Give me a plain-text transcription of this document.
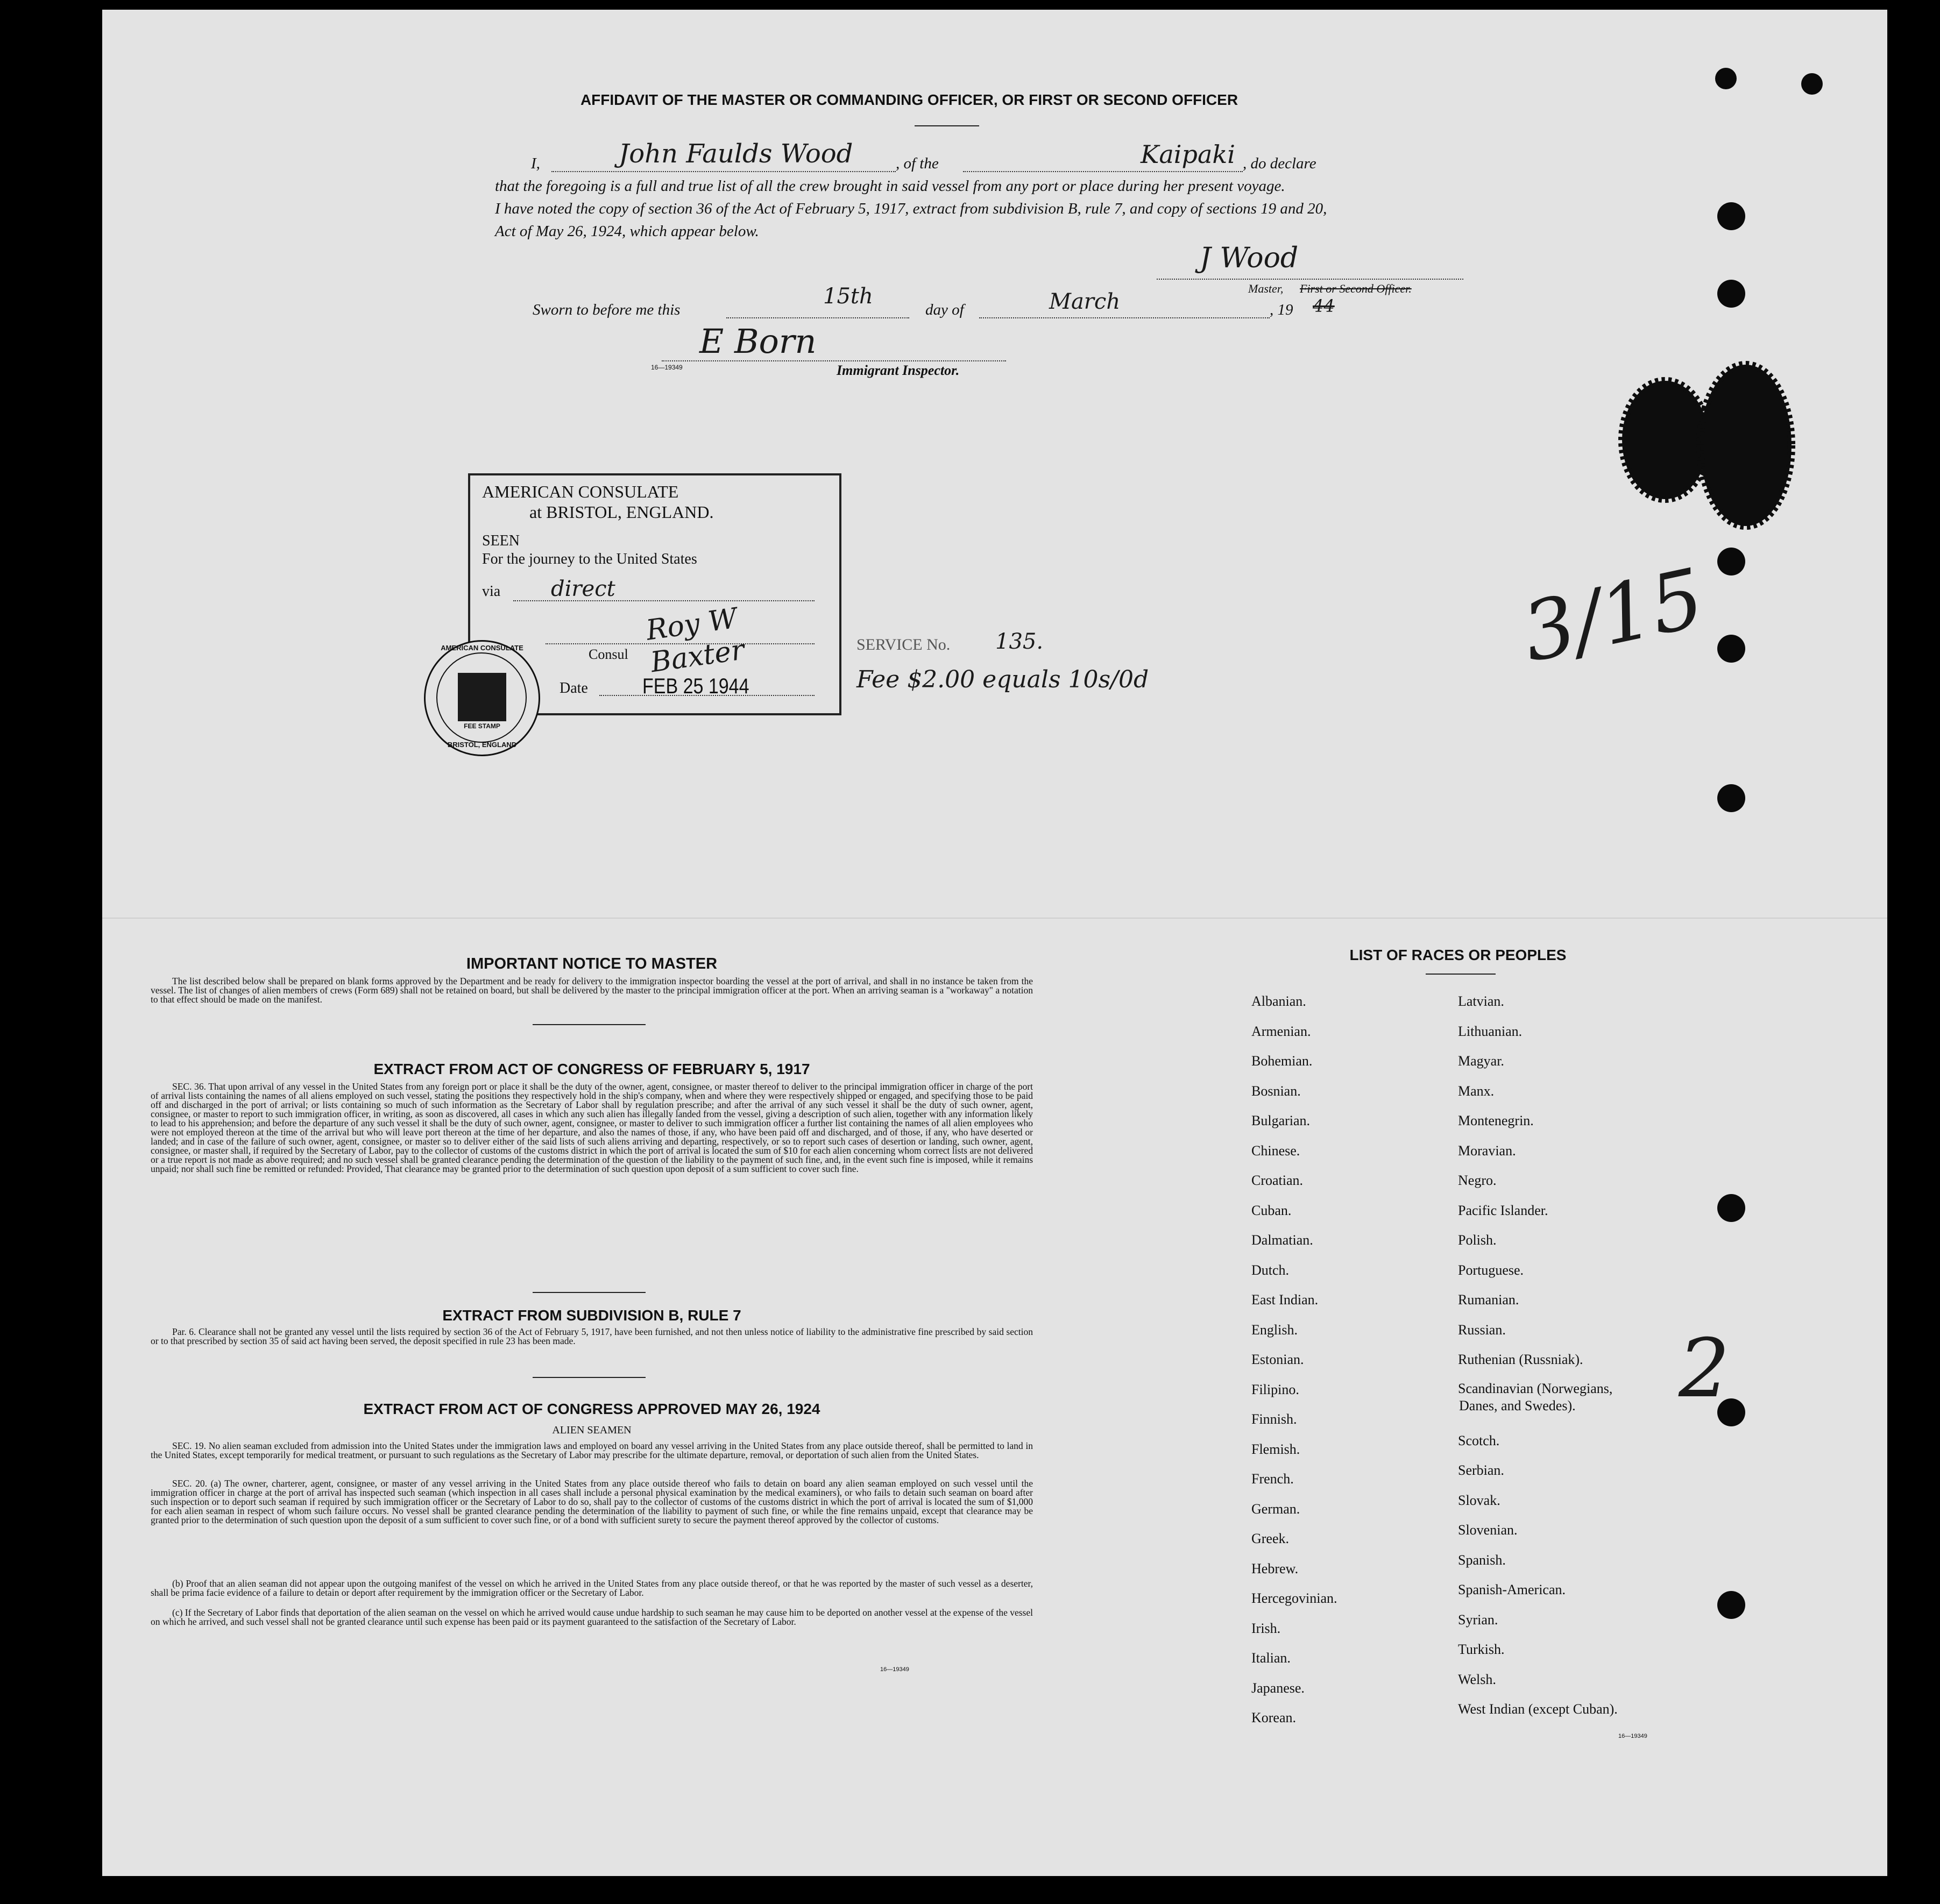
AFFIDAVIT OF THE MASTER OR COMMANDING OFFICER, OR FIRST OR SECOND OFFICER
I,	John Faulds Wood	, of the	Kaipaki , do declare
that the foregoing is a full and true list of all the crew brought in said vessel from any port or place during her present voyage.
I have noted the copy of section 36 of the Act of February 5, 1917, extract from subdivision B, rule 7, and copy of sections 19 and 20,
Act of May 26, 1924, which appear below.
J Wood
Master, First or Second Officer.
Sworn to before me this
15th
day of	March	, 19 44
E Born
16—19349	Immigrant Inspector.
AMERICAN CONSULATE
at BRISTOL, ENGLAND.
SEEN
For the journey to the United States
via direct
Consul
Roy W Baxter
Date	FEB 25 1944
AMERICAN CONSULATE
FEE STAMP
BRISTOL, ENGLAND
SERVICE No. 135.
Fee $2.00 equals 10s/0d	3/15
2
IMPORTANT NOTICE TO MASTER
The list described below shall be prepared on blank forms approved by the Department and be ready for delivery to the immigration inspector boarding the vessel at the port of arrival, and shall in no instance be taken from the vessel. The list of changes of alien members of crews (Form 689) shall not be retained on board, but shall be delivered by the master to the principal immigration officer at the port. When an arriving seaman is a "workaway" a notation to that effect should be made on the manifest.
EXTRACT FROM ACT OF CONGRESS OF FEBRUARY 5, 1917
SEC. 36. That upon arrival of any vessel in the United States from any foreign port or place it shall be the duty of the owner, agent, consignee, or master thereof to deliver to the principal immigration officer in charge of the port of arrival lists containing the names of all aliens employed on such vessel, stating the positions they respectively hold in the ship's company, when and where they were respectively shipped or engaged, and specifying those to be paid off and discharged in the port of arrival; or lists containing so much of such information as the Secretary of Labor shall by regulation prescribe; and after the arrival of any such vessel it shall be the duty of such owner, agent, consignee, or master to report to such immigration officer, in writing, as soon as discovered, all cases in which any such alien has illegally landed from the vessel, giving a description of such alien, together with any information likely to lead to his apprehension; and before the departure of any such vessel it shall be the duty of such owner, agent, consignee, or master to deliver to such immigration officer a further list containing the names of all alien employees who were not employed thereon at the time of the arrival but who will leave port thereon at the time of her departure, and also the names of those, if any, who have been paid off and discharged, and of those, if any, who have deserted or landed; and in case of the failure of such owner, agent, consignee, or master so to deliver either of the said lists of such aliens arriving and departing, respectively, or so to report such cases of desertion or landing, such owner, agent, consignee, or master shall, if required by the Secretary of Labor, pay to the collector of customs of the customs district in which the port of arrival is located the sum of $10 for each alien concerning whom correct lists are not delivered or a true report is not made as above required; and no such vessel shall be granted clearance pending the determination of the question of the liability to the payment of such fine, and, in the event such fine is imposed, while it remains unpaid; nor shall such fine be remitted or refunded: Provided, That clearance may be granted prior to the determination of such question upon deposit of a sum sufficient to cover such fine.
EXTRACT FROM SUBDIVISION B, RULE 7
Par. 6. Clearance shall not be granted any vessel until the lists required by section 36 of the Act of February 5, 1917, have been furnished, and not then unless notice of liability to the administrative fine prescribed by said section or to that prescribed by section 35 of said act having been served, the deposit specified in rule 23 has been made.
EXTRACT FROM ACT OF CONGRESS APPROVED MAY 26, 1924
ALIEN SEAMEN
SEC. 19. No alien seaman excluded from admission into the United States under the immigration laws and employed on board any vessel arriving in the United States from any place outside thereof, shall be permitted to land in the United States, except temporarily for medical treatment, or pursuant to such regulations as the Secretary of Labor may prescribe for the ultimate departure, removal, or deportation of such alien from the United States.
SEC. 20. (a) The owner, charterer, agent, consignee, or master of any vessel arriving in the United States from any place outside thereof who fails to detain on board any alien seaman employed on such vessel until the immigration officer in charge at the port of arrival has inspected such seaman (which inspection in all cases shall include a personal physical examination by the medical examiners), or who fails to detain such seaman on board after such inspection or to deport such seaman if required by such immigration officer or the Secretary of Labor to do so, shall pay to the collector of customs of the customs district in which the port of arrival is located the sum of $1,000 for each alien seaman in respect of whom such failure occurs. No vessel shall be granted clearance pending the determination of the liability to payment of such fine, or while the fine remains unpaid, except that clearance may be granted prior to the determination of such question upon the deposit of a sum sufficient to cover such fine, or of a bond with sufficient surety to secure the payment thereof approved by the collector of customs.
(b) Proof that an alien seaman did not appear upon the outgoing manifest of the vessel on which he arrived in the United States from any place outside thereof, or that he was reported by the master of such vessel as a deserter, shall be prima facie evidence of a failure to detain or deport after requirement by the immigration officer or the Secretary of Labor.
(c) If the Secretary of Labor finds that deportation of the alien seaman on the vessel on which he arrived would cause undue hardship to such seaman he may cause him to be deported on another vessel at the expense of the vessel on which he arrived, and such vessel shall not be granted clearance until such expense has been paid or its payment guaranteed to the satisfaction of the Secretary of Labor.
16—19349
LIST OF RACES OR PEOPLES
Albanian.
Armenian.
Bohemian.
Bosnian.
Bulgarian.
Chinese.
Croatian.
Cuban.
Dalmatian.
Dutch.
East Indian.
English.
Estonian.
Filipino.
Finnish.
Flemish.
French.
German.
Greek.
Hebrew.
Hercegovinian.
Irish.
Italian.
Japanese.
Korean.
Latvian.
Lithuanian.
Magyar.
Manx.
Montenegrin.
Moravian.
Negro.
Pacific Islander.
Polish.
Portuguese.
Rumanian.
Russian.
Ruthenian (Russniak).
Scandinavian (Norwegians,
Danes, and Swedes).
Scotch.
Serbian.
Slovak.
Slovenian.
Spanish.
Spanish-American.
Syrian.
Turkish.
Welsh.
West Indian (except Cuban).
16—19349
